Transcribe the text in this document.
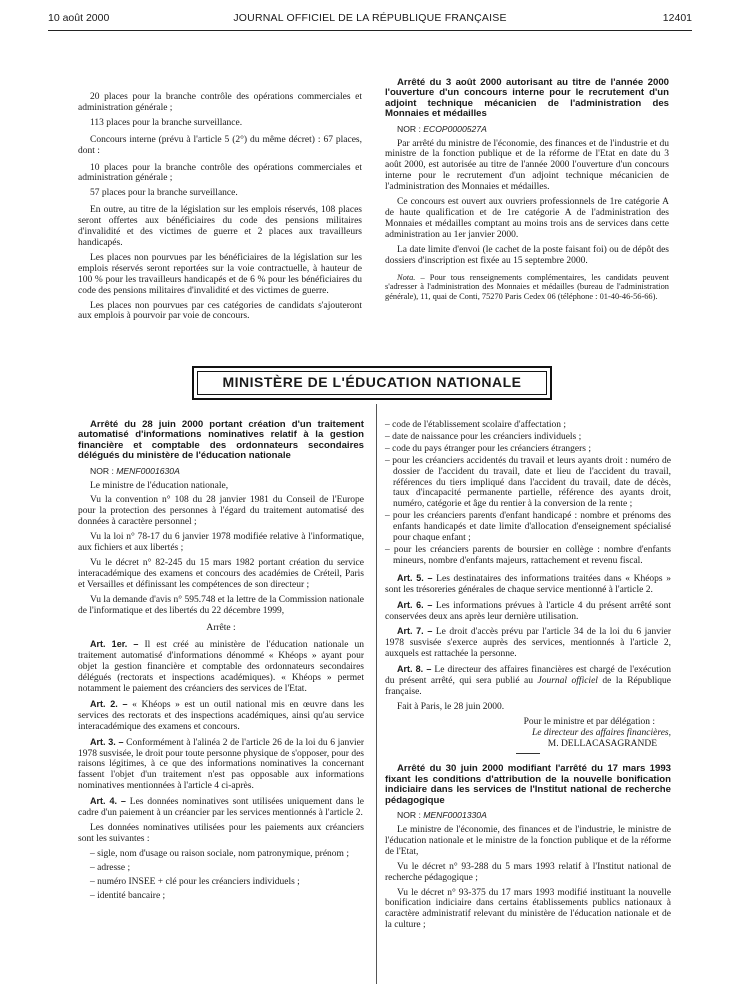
10 août 2000	JOURNAL OFFICIEL DE LA RÉPUBLIQUE FRANÇAISE	12401

20 places pour la branche contrôle des opérations commerciales et administration générale ;

113 places pour la branche surveillance.

Concours interne (prévu à l'article 5 (2°) du même décret) : 67 places, dont :

10 places pour la branche contrôle des opérations commerciales et administration générale ;

57 places pour la branche surveillance.

En outre, au titre de la législation sur les emplois réservés, 108 places seront offertes aux bénéficiaires du code des pensions militaires d'invalidité et des victimes de guerre et 2 places aux travailleurs handicapés.

Les places non pourvues par les bénéficiaires de la législation sur les emplois réservés seront reportées sur la voie contractuelle, à hauteur de 100 % pour les travailleurs handicapés et de 6 % pour les bénéficiaires du code des pensions militaires d'invalidité et des victimes de guerre.

Les places non pourvues par ces catégories de candidats s'ajouteront aux emplois à pourvoir par voie de concours.

Arrêté du 3 août 2000 autorisant au titre de l'année 2000 l'ouverture d'un concours interne pour le recrutement d'un adjoint technique mécanicien de l'administration des Monnaies et médailles

NOR : ECOP0000527A

Par arrêté du ministre de l'économie, des finances et de l'industrie et du ministre de la fonction publique et de la réforme de l'Etat en date du 3 août 2000, est autorisée au titre de l'année 2000 l'ouverture d'un concours interne pour le recrutement d'un adjoint technique mécanicien de l'administration des Monnaies et médailles.

Ce concours est ouvert aux ouvriers professionnels de 1re catégorie A de haute qualification et de 1re catégorie A de l'administration des Monnaies et médailles comptant au moins trois ans de services dans cette administration au 1er janvier 2000.

La date limite d'envoi (le cachet de la poste faisant foi) ou de dépôt des dossiers d'inscription est fixée au 15 septembre 2000.

Nota. – Pour tous renseignements complémentaires, les candidats peuvent s'adresser à l'administration des Monnaies et médailles (bureau de l'administration générale), 11, quai de Conti, 75270 Paris Cedex 06 (téléphone : 01-40-46-56-66).

MINISTÈRE DE L'ÉDUCATION NATIONALE

Arrêté du 28 juin 2000 portant création d'un traitement automatisé d'informations nominatives relatif à la gestion financière et comptable des ordonnateurs secondaires délégués du ministère de l'éducation nationale

NOR : MENF0001630A

Le ministre de l'éducation nationale,

Vu la convention n° 108 du 28 janvier 1981 du Conseil de l'Europe pour la protection des personnes à l'égard du traitement automatisé des données à caractère personnel ;

Vu la loi n° 78-17 du 6 janvier 1978 modifiée relative à l'informatique, aux fichiers et aux libertés ;

Vu le décret n° 82-245 du 15 mars 1982 portant création du service interacadémique des examens et concours des académies de Créteil, Paris et Versailles et définissant les compétences de son directeur ;

Vu la demande d'avis n° 595.748 et la lettre de la Commission nationale de l'informatique et des libertés du 22 décembre 1999,

Arrête :

Art. 1er. – Il est créé au ministère de l'éducation nationale un traitement automatisé d'informations dénommé « Khéops » ayant pour objet la gestion financière et comptable des ordonnateurs secondaires délégués (rectorats et inspections académiques). « Khéops » permet notamment le paiement des créanciers des services de l'Etat.

Art. 2. – « Khéops » est un outil national mis en œuvre dans les services des rectorats et des inspections académiques, ainsi qu'au service interacadémique des examens et concours.

Art. 3. – Conformément à l'alinéa 2 de l'article 26 de la loi du 6 janvier 1978 susvisée, le droit pour toute personne physique de s'opposer, pour des raisons légitimes, à ce que des informations nominatives la concernant fassent l'objet d'un traitement n'est pas opposable aux informations nominatives mentionnées à l'article 4 ci-après.

Art. 4. – Les données nominatives sont utilisées uniquement dans le cadre d'un paiement à un créancier par les services mentionnés à l'article 2.

Les données nominatives utilisées pour les paiements aux créanciers sont les suivantes :

– sigle, nom d'usage ou raison sociale, nom patronymique, prénom ;

– adresse ;

– numéro INSEE + clé pour les créanciers individuels ;

– identité bancaire ;

– code de l'établissement scolaire d'affectation ;

– date de naissance pour les créanciers individuels ;

– code du pays étranger pour les créanciers étrangers ;

– pour les créanciers accidentés du travail et leurs ayants droit : numéro de dossier de l'accident du travail, date et lieu de l'accident du travail, références du tiers impliqué dans l'accident du travail, date de décès, taux d'incapacité permanente partielle, référence des ayants droit, numéro, catégorie et âge du rentier à la conversion de la rente ;

– pour les créanciers parents d'enfant handicapé : nombre et prénoms des enfants handicapés et date limite d'allocation d'enseignement spécialisé pour chaque enfant ;

– pour les créanciers parents de boursier en collège : nombre d'enfants mineurs, nombre d'enfants majeurs, rattachement et revenu fiscal.

Art. 5. – Les destinataires des informations traitées dans « Khéops » sont les trésoreries générales de chaque service mentionné à l'article 2.

Art. 6. – Les informations prévues à l'article 4 du présent arrêté sont conservées deux ans après leur dernière utilisation.

Art. 7. – Le droit d'accès prévu par l'article 34 de la loi du 6 janvier 1978 susvisée s'exerce auprès des services, mentionnés à l'article 2, auxquels est rattachée la personne.

Art. 8. – Le directeur des affaires financières est chargé de l'exécution du présent arrêté, qui sera publié au Journal officiel de la République française.

Fait à Paris, le 28 juin 2000.

Pour le ministre et par délégation :

Le directeur des affaires financières,

M. DELLACASAGRANDE

Arrêté du 30 juin 2000 modifiant l'arrêté du 17 mars 1993 fixant les conditions d'attribution de la nouvelle bonification indiciaire dans les services de l'Institut national de recherche pédagogique

NOR : MENF0001330A

Le ministre de l'économie, des finances et de l'industrie, le ministre de l'éducation nationale et le ministre de la fonction publique et de la réforme de l'Etat,

Vu le décret n° 93-288 du 5 mars 1993 relatif à l'Institut national de recherche pédagogique ;

Vu le décret n° 93-375 du 17 mars 1993 modifié instituant la nouvelle bonification indiciaire dans certains établissements publics nationaux à caractère administratif relevant du ministère de l'éducation nationale et de la culture ;
